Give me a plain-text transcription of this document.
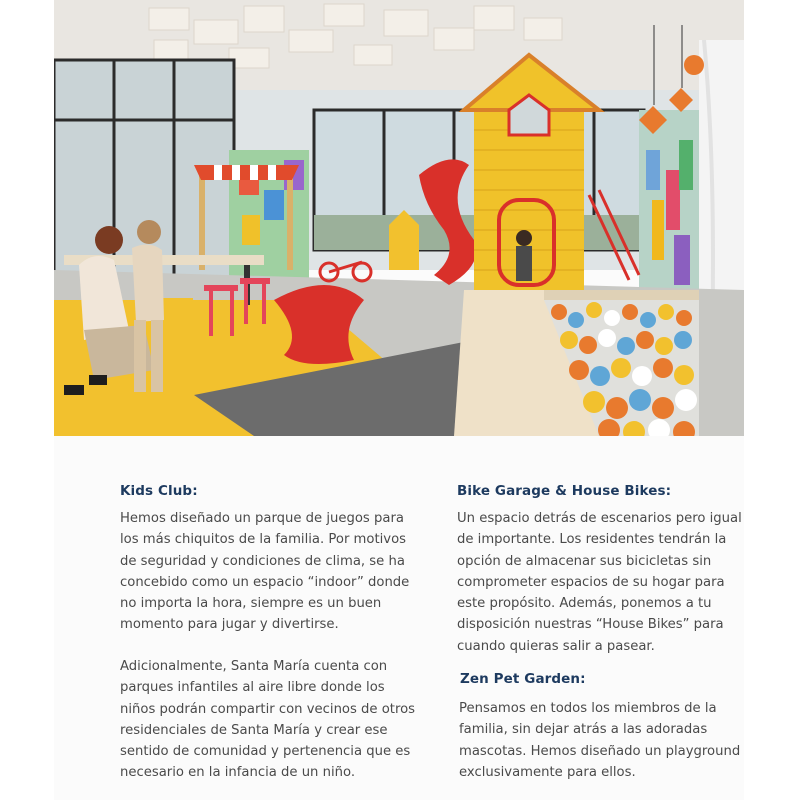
Kids Club:

Hemos diseñado un parque de juegos para los más chiquitos de la familia. Por motivos de seguridad y condiciones de clima, se ha concebido como un espacio “indoor” donde no importa la hora, siempre es un buen momento para jugar y divertirse.

Adicionalmente, Santa María cuenta con parques infantiles al aire libre donde los niños podrán compartir con vecinos de otros residenciales de Santa María y crear ese sentido de comunidad y pertenencia que es necesario en la infancia de un niño.

Bike Garage & House Bikes:

Un espacio detrás de escenarios pero igual de importante. Los residentes tendrán la opción de almacenar sus bicicletas sin comprometer espacios de su hogar para este propósito. Además, ponemos a tu disposición nuestras “House Bikes” para cuando quieras salir a pasear.

Zen Pet Garden:

Pensamos en todos los miembros de la familia, sin dejar atrás a las adoradas mascotas. Hemos diseñado un playground exclusivamente para ellos.
